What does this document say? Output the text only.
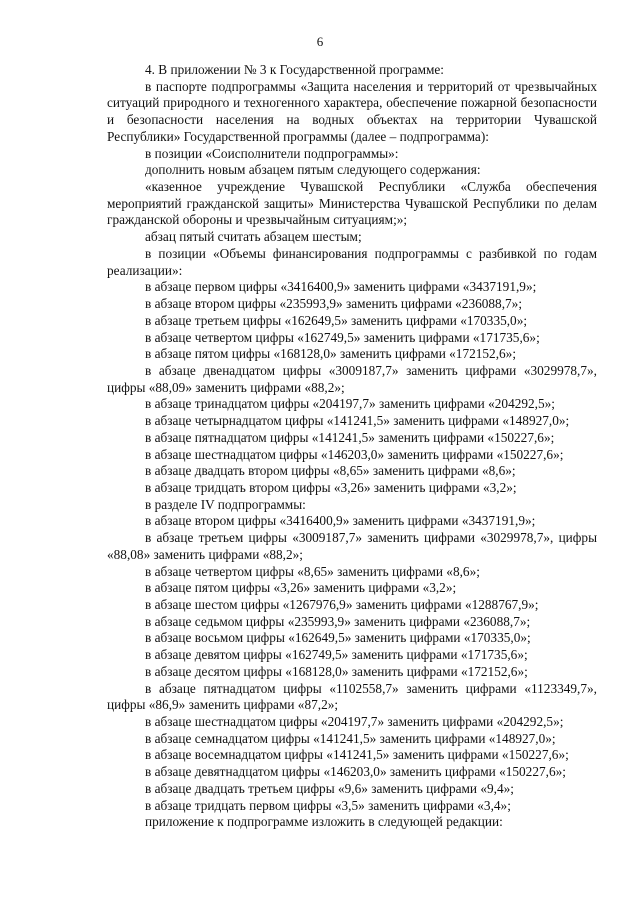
6

4. В приложении № 3 к Государственной программе:

в паспорте подпрограммы «Защита населения и территорий от чрезвычайных ситуаций природного и техногенного характера, обеспечение пожарной безопасности и безопасности населения на водных объектах на территории Чувашской Республики» Государственной программы (далее – подпрограмма):

в позиции «Соисполнители подпрограммы»:

дополнить новым абзацем пятым следующего содержания:

«казенное учреждение Чувашской Республики «Служба обеспечения мероприятий гражданской защиты» Министерства Чувашской Республики по делам гражданской обороны и чрезвычайным ситуациям;»;

абзац пятый считать абзацем шестым;

в позиции «Объемы финансирования подпрограммы с разбивкой по годам реализации»:

в абзаце первом цифры «3416400,9» заменить цифрами «3437191,9»;

в абзаце втором цифры «235993,9» заменить цифрами «236088,7»;

в абзаце третьем цифры «162649,5» заменить цифрами «170335,0»;

в абзаце четвертом цифры «162749,5» заменить цифрами «171735,6»;

в абзаце пятом цифры «168128,0» заменить цифрами «172152,6»;

в абзаце двенадцатом цифры «3009187,7» заменить цифрами «3029978,7», цифры «88,09» заменить цифрами «88,2»;

в абзаце тринадцатом цифры «204197,7» заменить цифрами «204292,5»;

в абзаце четырнадцатом цифры «141241,5» заменить цифрами «148927,0»;

в абзаце пятнадцатом цифры «141241,5» заменить цифрами «150227,6»;

в абзаце шестнадцатом цифры «146203,0» заменить цифрами «150227,6»;

в абзаце двадцать втором цифры «8,65» заменить цифрами «8,6»;

в абзаце тридцать втором цифры «3,26» заменить цифрами «3,2»;

в разделе IV подпрограммы:

в абзаце втором цифры «3416400,9» заменить цифрами «3437191,9»;

в абзаце третьем цифры «3009187,7» заменить цифрами «3029978,7», цифры «88,08» заменить цифрами «88,2»;

в абзаце четвертом цифры «8,65» заменить цифрами «8,6»;

в абзаце пятом цифры «3,26» заменить цифрами «3,2»;

в абзаце шестом цифры «1267976,9» заменить цифрами «1288767,9»;

в абзаце седьмом цифры «235993,9» заменить цифрами «236088,7»;

в абзаце восьмом цифры «162649,5» заменить цифрами «170335,0»;

в абзаце девятом цифры «162749,5» заменить цифрами «171735,6»;

в абзаце десятом цифры «168128,0» заменить цифрами «172152,6»;

в абзаце пятнадцатом цифры «1102558,7» заменить цифрами «1123349,7», цифры «86,9» заменить цифрами «87,2»;

в абзаце шестнадцатом цифры «204197,7» заменить цифрами «204292,5»;

в абзаце семнадцатом цифры «141241,5» заменить цифрами «148927,0»;

в абзаце восемнадцатом цифры «141241,5» заменить цифрами «150227,6»;

в абзаце девятнадцатом цифры «146203,0» заменить цифрами «150227,6»;

в абзаце двадцать третьем цифры «9,6» заменить цифрами «9,4»;

в абзаце тридцать первом цифры «3,5» заменить цифрами «3,4»;

приложение к подпрограмме изложить в следующей редакции:
